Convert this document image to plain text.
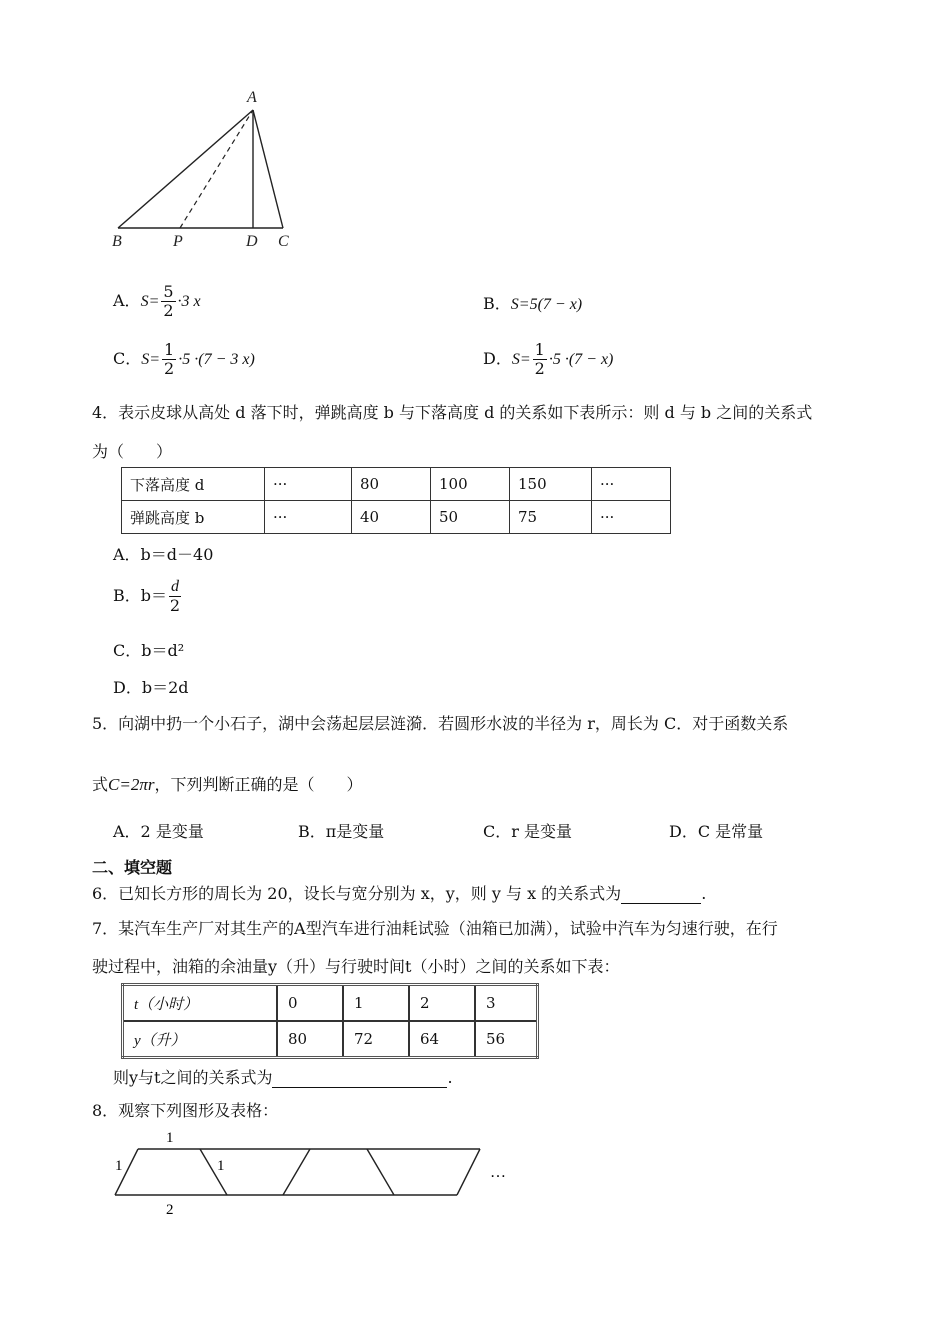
A
B	P	D C
A．$S= \frac{5}{2} \cdot 3$ x	B．S=5(7 − x)
C．$S= \frac{1}{2} \cdot 5 \cdot(7 - 3$ x)	D．$S= \frac{1}{2} \cdot 5 \cdot(7 - x)$
4．表示皮球从高处 d 落下时，弹跳高度 b 与下落高度 d 的关系如下表所示：则 d 与 b 之间的关系式
为（　　）
下落高度 d	···	80	100	150	···
弹跳高度 b	···	40	50	75	···
A．b＝d－40
B．$b= \frac{d}{2}$
C．b＝d²
D．b＝2d
5．向湖中扔一个小石子，湖中会荡起层层涟漪．若圆形水波的半径为 r，周长为 C．对于函数关系
式C=2πr，下列判断正确的是（　　）
A．2 是变量	B．π是变量	C．r 是变量	D．C 是常量
二、填空题
6．已知长方形的周长为 20，设长与宽分别为 x，y，则 y 与 x 的关系式为	.
7．某汽车生产厂对其生产的A型汽车进行油耗试验（油箱已加满），试验中汽车为匀速行驶，在行
驶过程中，油箱的余油量y（升）与行驶时间t（小时）之间的关系如下表：
t（小时）	0	1	2	3
y（升）	80	72	64	56
则y与t之间的关系式为	.
8．观察下列图形及表格：
1
1	1
2
…
